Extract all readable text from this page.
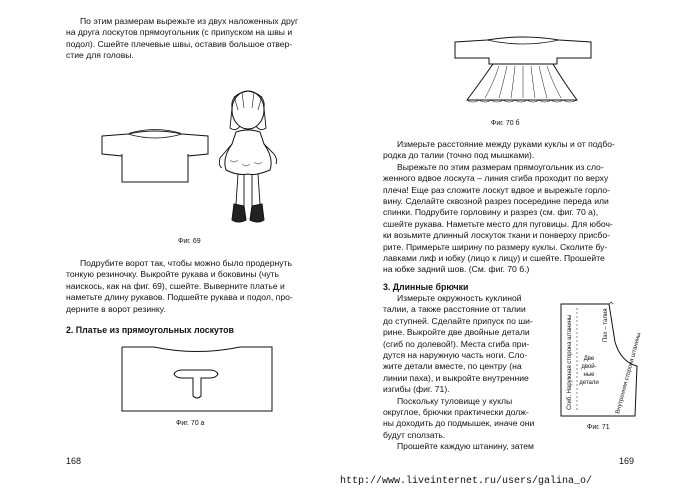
По этим размерам вырежьте из двух наложенных друг
на друга лоскутов прямоугольник (с припуском на швы и
подол). Сшейте плечевые швы, оставив большое отвер-
стие для головы.
Фиг. 69
Подрубите ворот так, чтобы можно было продернуть
тонкую резиночку. Выкройте рукава и боковины (чуть
наискось, как на фиг. 69), сшейте. Выверните платье и
наметьте длину рукавов. Подшейте рукава и подол, про-
дерните в ворот резинку.
2. Платье из прямоугольных лоскутов
Фиг. 70 а
168
Фиг. 70 б
Измерьте расстояние между руками куклы и от подбо-
родка до талии (точно под мышками).
Вырежьте по этим размерам прямоугольник из сло-
женного вдвое лоскута – линия сгиба проходит по верху
плеча! Еще раз сложите лоскут вдвое и вырежьте горло-
вину. Сделайте сквозной разрез посередине переда или
спинки. Подрубите горловину и разрез (см. фиг. 70 а),
сшейте рукава. Наметьте место для пуговицы. Для юбоч-
ки возьмите длинный лоскуток ткани и понверху присбо-
рите. Примерьте ширину по размеру куклы. Сколите бу-
лавками лиф и юбку (лицо к лицу) и сшейте. Прошейте
на юбке задний шов. (См. фиг. 70 б.)
3. Длинные брючки
Измерьте окружность куклиной
талии, а также расстояние от талии
до ступней. Сделайте припуск по ши-
рине. Выкройте две двойные детали
(сгиб по долевой!). Места сгиба при-
дутся на наружную часть ноги. Сло-
жите детали вместе, по центру (на
линии паха), и выкройте внутренние
изгибы (фиг. 71).
Поскольку туловище у куклы
округлое, брючки практически долж-
ны доходить до подмышек, иначе они
будут сползать.
Прошейте каждую штанину, затем
Сгиб. Наружная сторона штанины	Пах – талия
Внутренняя сторона штанины
Две
двой-
ные
детали
Фиг. 71
169
http://www.liveinternet.ru/users/galina_o/
